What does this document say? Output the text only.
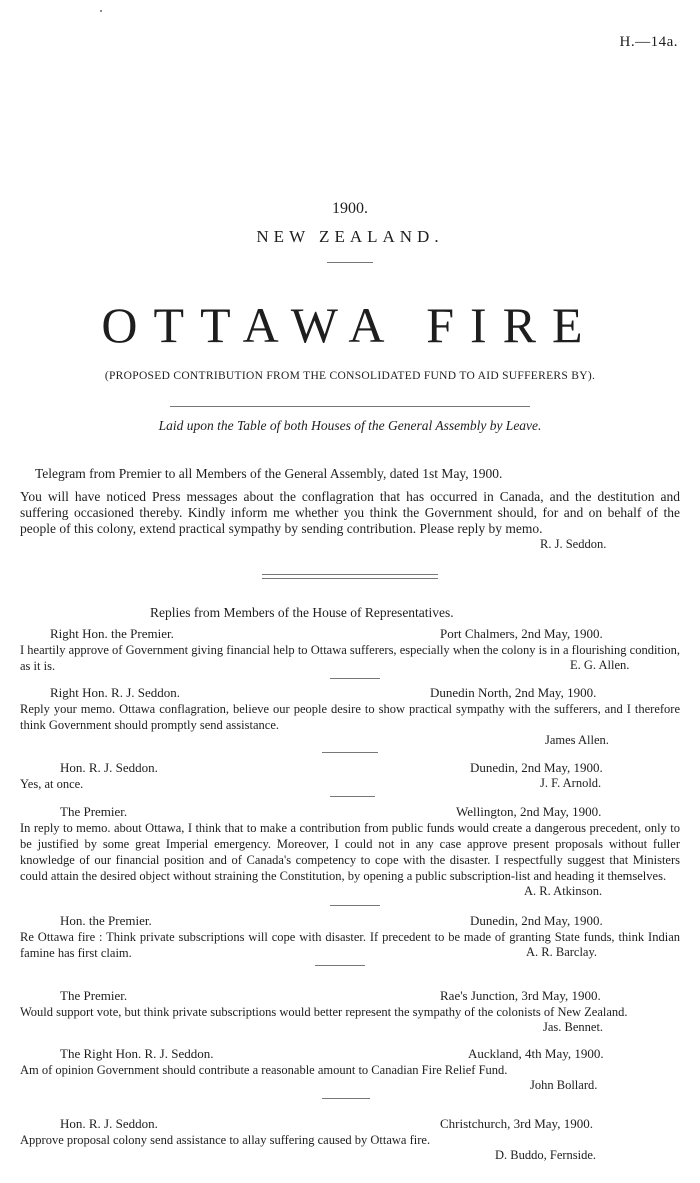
H.—14a.
1900.
NEW ZEALAND.
OTTAWA FIRE
(PROPOSED CONTRIBUTION FROM THE CONSOLIDATED FUND TO AID SUFFERERS BY).
Laid upon the Table of both Houses of the General Assembly by Leave.
Telegram from Premier to all Members of the General Assembly, dated 1st May, 1900.
You will have noticed Press messages about the conflagration that has occurred in Canada, and the destitution and suffering occasioned thereby. Kindly inform me whether you think the Government should, for and on behalf of the people of this colony, extend practical sympathy by sending contribution. Please reply by memo.
R. J. Seddon.
Replies from Members of the House of Representatives.
Right Hon. the Premier.	Port Chalmers, 2nd May, 1900.
I heartily approve of Government giving financial help to Ottawa sufferers, especially when the colony is in a flourishing condition, as it is.	E. G. Allen.
Right Hon. R. J. Seddon.	Dunedin North, 2nd May, 1900.
Reply your memo. Ottawa conflagration, believe our people desire to show practical sympathy with the sufferers, and I therefore think Government should promptly send assistance.
James Allen.
Hon. R. J. Seddon.	Dunedin, 2nd May, 1900.
Yes, at once.	J. F. Arnold.
The Premier.	Wellington, 2nd May, 1900.
In reply to memo. about Ottawa, I think that to make a contribution from public funds would create a dangerous precedent, only to be justified by some great Imperial emergency. Moreover, I could not in any case approve present proposals without fuller knowledge of our financial position and of Canada's competency to cope with the disaster. I respectfully suggest that Ministers could attain the desired object without straining the Constitution, by opening a public subscription-list and heading it themselves.
A. R. Atkinson.
Hon. the Premier.	Dunedin, 2nd May, 1900.
Re Ottawa fire : Think private subscriptions will cope with disaster. If precedent to be made of granting State funds, think Indian famine has first claim.	A. R. Barclay.
The Premier.	Rae's Junction, 3rd May, 1900.
Would support vote, but think private subscriptions would better represent the sympathy of the colonists of New Zealand.
Jas. Bennet.
The Right Hon. R. J. Seddon.	Auckland, 4th May, 1900.
Am of opinion Government should contribute a reasonable amount to Canadian Fire Relief Fund.
John Bollard.
Hon. R. J. Seddon.	Christchurch, 3rd May, 1900.
Approve proposal colony send assistance to allay suffering caused by Ottawa fire.
D. Buddo, Fernside.
